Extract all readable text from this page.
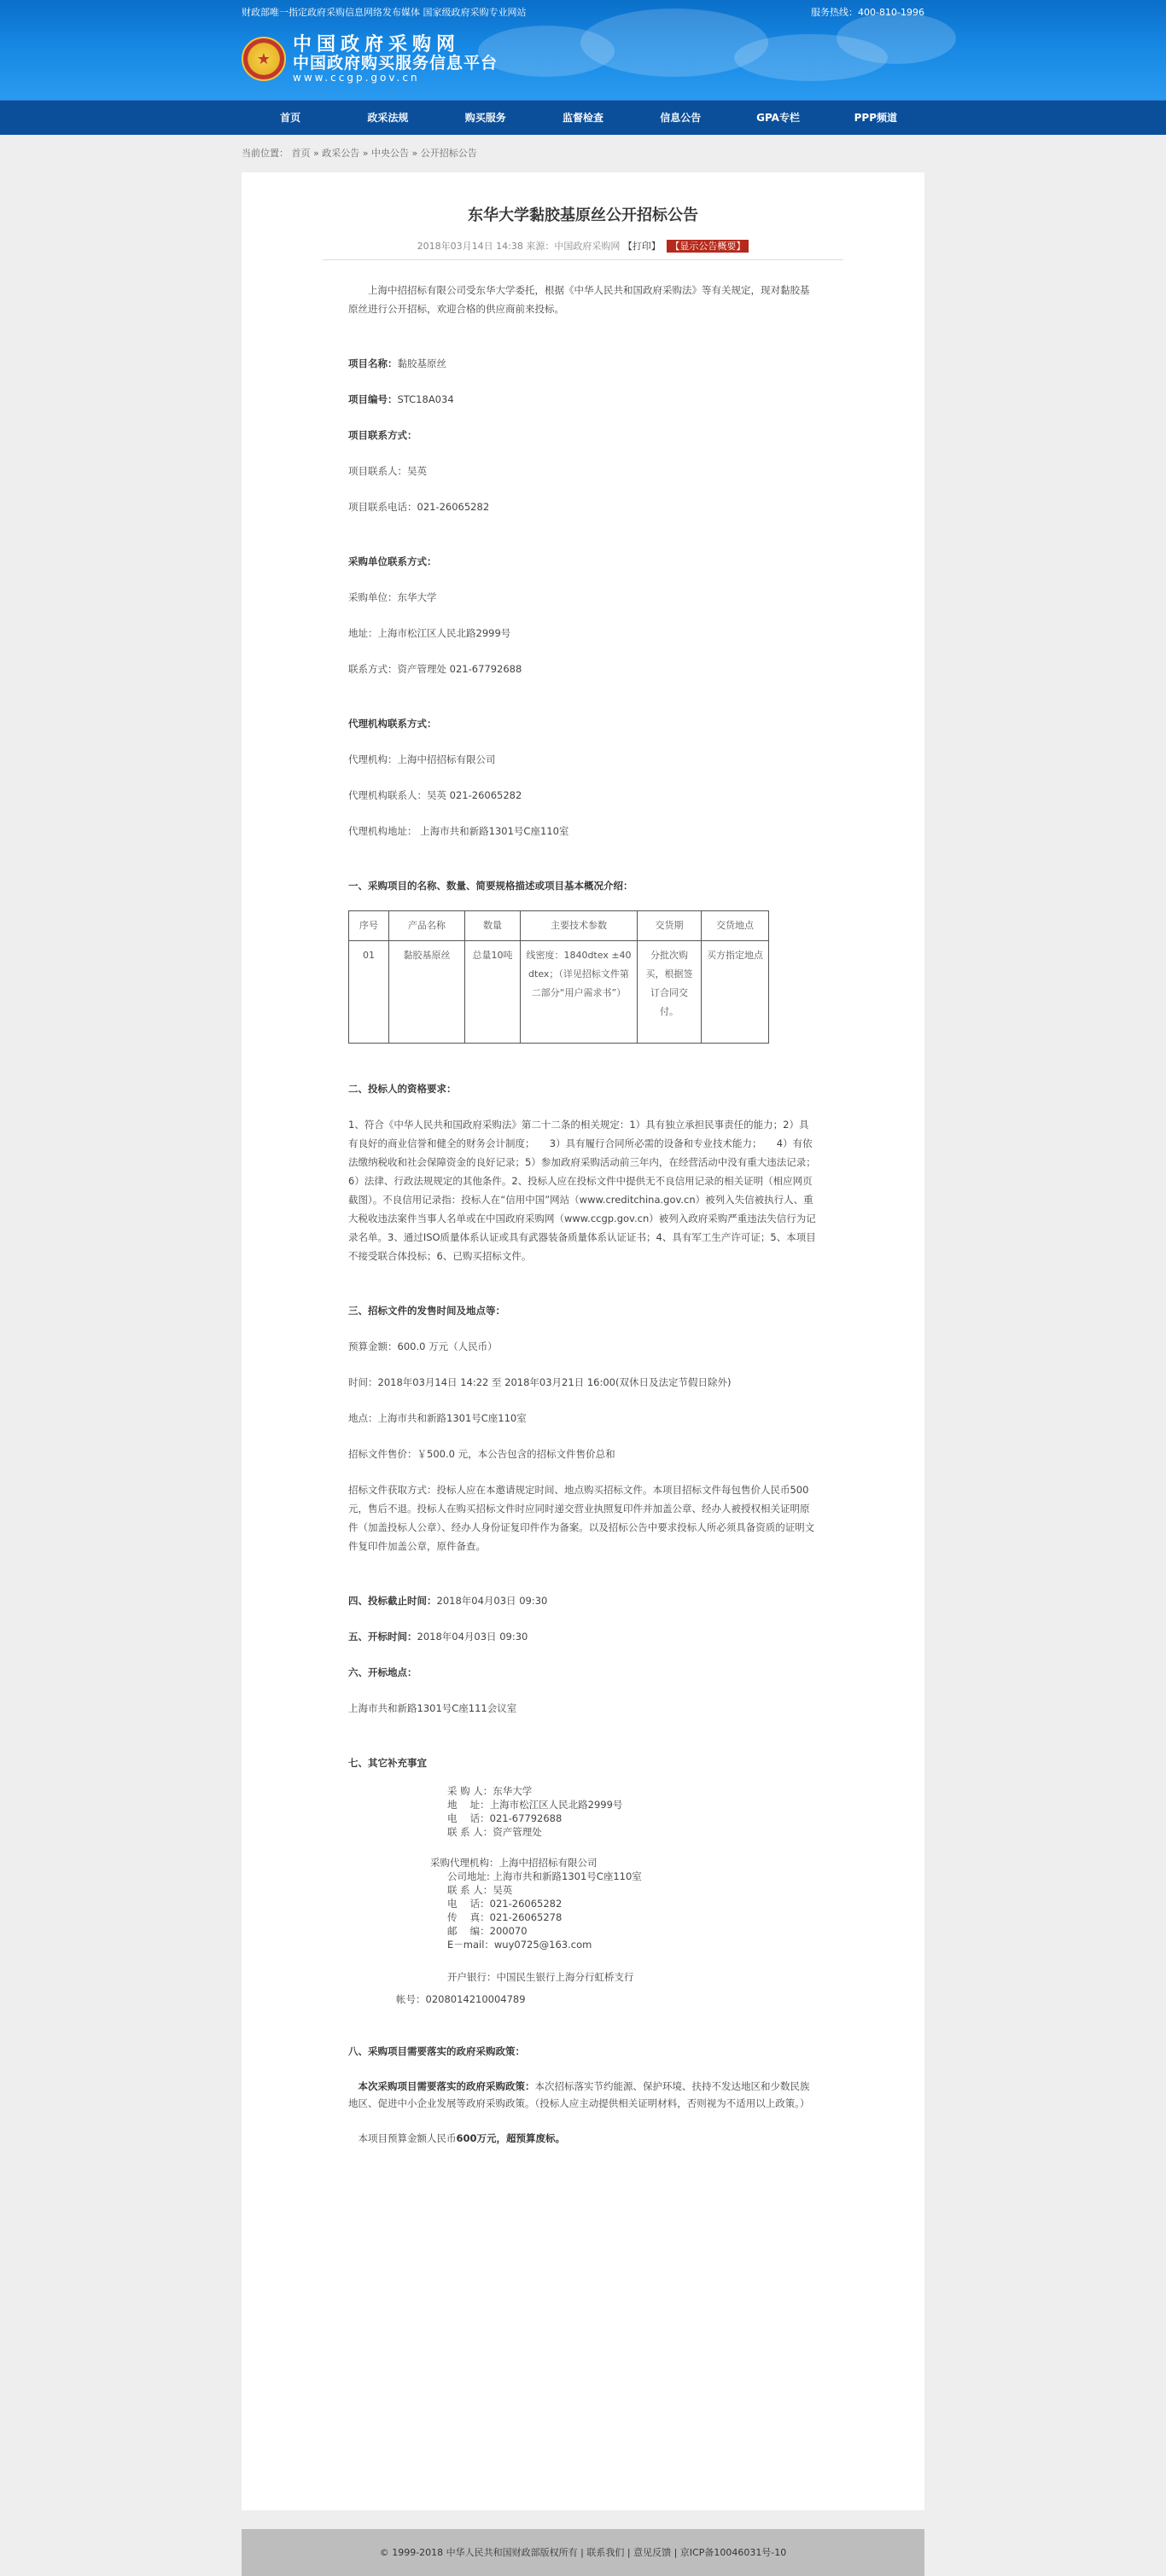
财政部唯一指定政府采购信息网络发布媒体 国家级政府采购专业网站	服务热线：400-810-1996
★
中国政府采购网
中国政府购买服务信息平台
www.ccgp.gov.cn
首页	政采法规	购买服务	监督检查	信息公告	GPA专栏	PPP频道
当前位置： 首页 » 政采公告 » 中央公告 » 公开招标公告
东华大学黏胶基原丝公开招标公告
2018年03月14日 14:38 来源：中国政府采购网 【打印】 【显示公告概要】

上海中招招标有限公司受东华大学委托，根据《中华人民共和国政府采购法》等有关规定，现对黏胶基原丝进行公开招标，欢迎合格的供应商前来投标。

项目名称：黏胶基原丝

项目编号：STC18A034

项目联系方式：

项目联系人：吴英

项目联系电话：021-26065282

采购单位联系方式：

采购单位：东华大学

地址：上海市松江区人民北路2999号

联系方式：资产管理处 021-67792688

代理机构联系方式：

代理机构：上海中招招标有限公司

代理机构联系人：吴英 021-26065282

代理机构地址： 上海市共和新路1301号C座110室

一、采购项目的名称、数量、简要规格描述或项目基本概况介绍：

序号	产品名称	数量	主要技术参数	交货期	交货地点
01	黏胶基原丝	总量10吨	线密度：1840dtex ±40 dtex；（详见招标文件第二部分“用户需求书”）	分批次购买，根据签订合同交付。	买方指定地点

二、投标人的资格要求：

1、符合《中华人民共和国政府采购法》第二十二条的相关规定：1）具有独立承担民事责任的能力；2）具有良好的商业信誉和健全的财务会计制度；　　3）具有履行合同所必需的设备和专业技术能力；　　4）有依法缴纳税收和社会保障资金的良好记录；5）参加政府采购活动前三年内，在经营活动中没有重大违法记录；6）法律、行政法规规定的其他条件。2、投标人应在投标文件中提供无不良信用记录的相关证明（相应网页截图）。不良信用记录指：投标人在“信用中国”网站（www.creditchina.gov.cn）被列入失信被执行人、重大税收违法案件当事人名单或在中国政府采购网（www.ccgp.gov.cn）被列入政府采购严重违法失信行为记录名单。3、通过ISO质量体系认证或具有武器装备质量体系认证证书；4、具有军工生产许可证；5、本项目不接受联合体投标；6、已购买招标文件。

三、招标文件的发售时间及地点等：

预算金额：600.0 万元（人民币）

时间：2018年03月14日 14:22 至 2018年03月21日 16:00(双休日及法定节假日除外)

地点：上海市共和新路1301号C座110室

招标文件售价：￥500.0 元，本公告包含的招标文件售价总和

招标文件获取方式：投标人应在本邀请规定时间、地点购买招标文件。本项目招标文件每包售价人民币500元，售后不退。投标人在购买招标文件时应同时递交营业执照复印件并加盖公章、经办人被授权相关证明原件（加盖投标人公章）、经办人身份证复印件作为备案。以及招标公告中要求投标人所必须具备资质的证明文件复印件加盖公章，原件备查。

四、投标截止时间：2018年04月03日 09:30

五、开标时间：2018年04月03日 09:30

六、开标地点：

上海市共和新路1301号C座111会议室

七、其它补充事宜

采 购 人：东华大学
地　 址：上海市松江区人民北路2999号
电　 话：021-67792688
联 系 人：资产管理处
采购代理机构：上海中招招标有限公司
公司地址: 上海市共和新路1301号C座110室
联 系 人：吴英
电　 话：021-26065282
传　 真：021-26065278
邮　 编：200070
E－mail：wuy0725@163.com
开户银行：中国民生银行上海分行虹桥支行
帐号：0208014210004789

八、采购项目需要落实的政府采购政策：

本次采购项目需要落实的政府采购政策：本次招标落实节约能源、保护环境、扶持不发达地区和少数民族地区、促进中小企业发展等政府采购政策。（投标人应主动提供相关证明材料，否则视为不适用以上政策。）

本项目预算金额人民币600万元，超预算废标。

© 1999-2018 中华人民共和国财政部版权所有 | 联系我们 | 意见反馈 | 京ICP备10046031号-10
